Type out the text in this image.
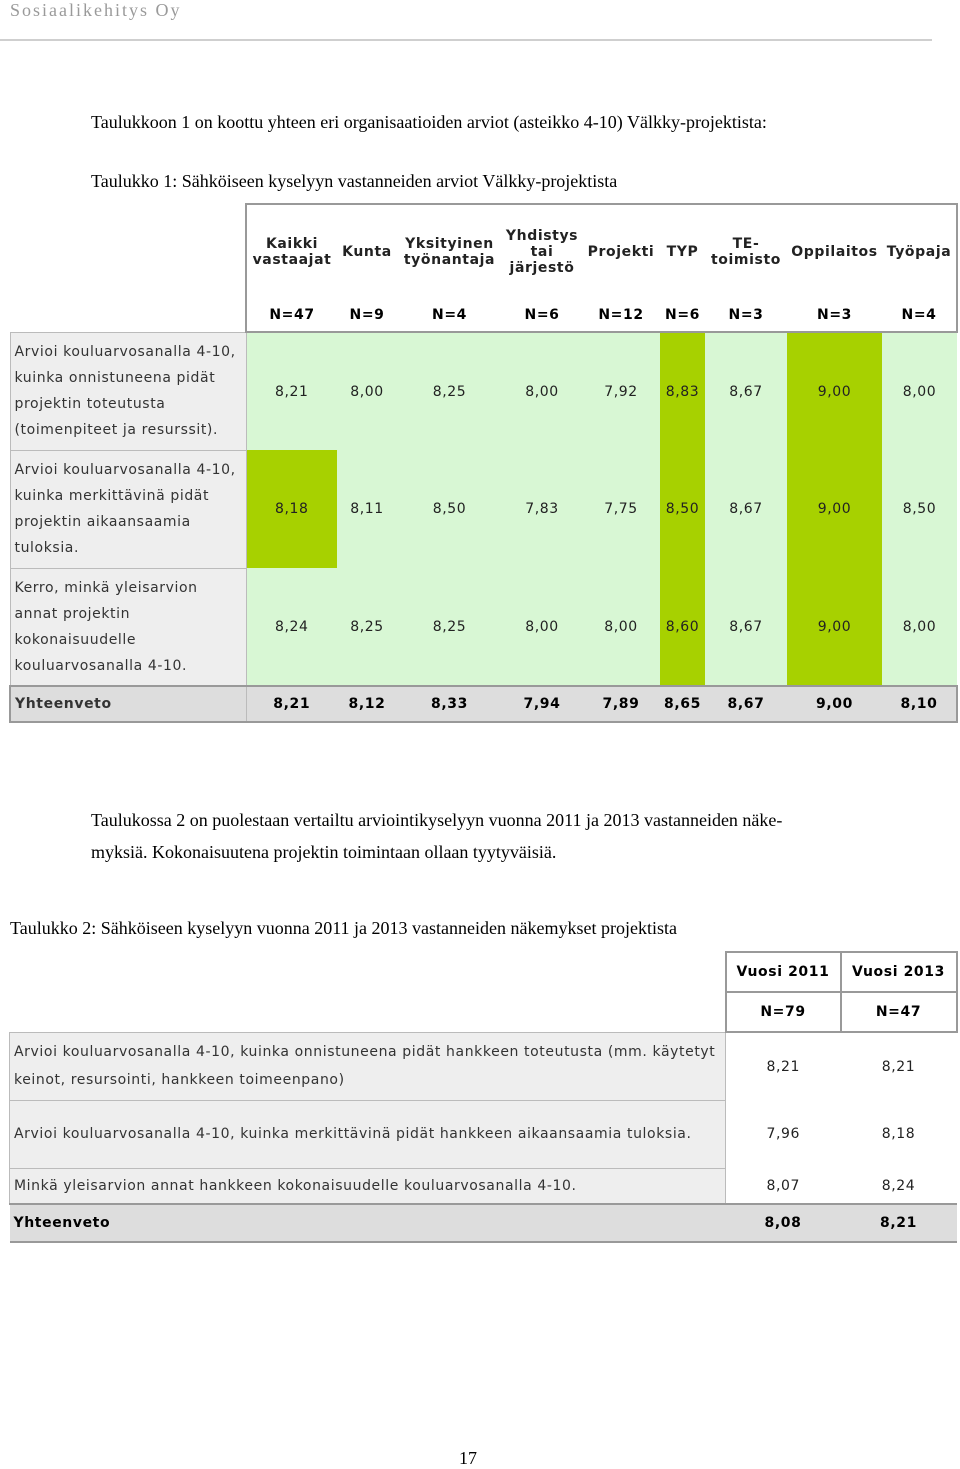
Sosiaalikehitys Oy
Taulukkoon 1 on koottu yhteen eri organisaatioiden arviot (asteikko 4-10) Välkky-projektista:
Taulukko 1: Sähköiseen kyselyyn vastanneiden arviot Välkky-projektista
	Kaikki vastaajat	Kunta	Yksityinen työnantaja	Yhdistys tai järjestö	Projekti	TYP	TE-toimisto	Oppilaitos	Työpaja
	N=47	N=9	N=4	N=6	N=12	N=6	N=3	N=3	N=4
Arvioi kouluarvosanalla 4-10, kuinka onnistuneena pidät projektin toteutusta (toimenpiteet ja resurssit).	8,21	8,00	8,25	8,00	7,92	8,83	8,67	9,00	8,00
Arvioi kouluarvosanalla 4-10, kuinka merkittävinä pidät projektin aikaansaamia tuloksia.	8,18	8,11	8,50	7,83	7,75	8,50	8,67	9,00	8,50
Kerro, minkä yleisarvion annat projektin kokonaisuudelle kouluarvosanalla 4-10.	8,24	8,25	8,25	8,00	8,00	8,60	8,67	9,00	8,00
Yhteenveto	8,21	8,12	8,33	7,94	7,89	8,65	8,67	9,00	8,10
Taulukossa 2 on puolestaan vertailtu arviointikyselyyn vuonna 2011 ja 2013 vastanneiden näke-
myksiä. Kokonaisuutena projektin toimintaan ollaan tyytyväisiä.
Taulukko 2: Sähköiseen kyselyyn vuonna 2011 ja 2013 vastanneiden näkemykset projektista
	Vuosi 2011	Vuosi 2013
	N=79	N=47
Arvioi kouluarvosanalla 4-10, kuinka onnistuneena pidät hankkeen toteutusta (mm. käytetyt keinot, resursointi, hankkeen toimeenpano)	8,21	8,21
Arvioi kouluarvosanalla 4-10, kuinka merkittävinä pidät hankkeen aikaansaamia tuloksia.	7,96	8,18
Minkä yleisarvion annat hankkeen kokonaisuudelle kouluarvosanalla 4-10.	8,07	8,24
Yhteenveto	8,08	8,21
17
